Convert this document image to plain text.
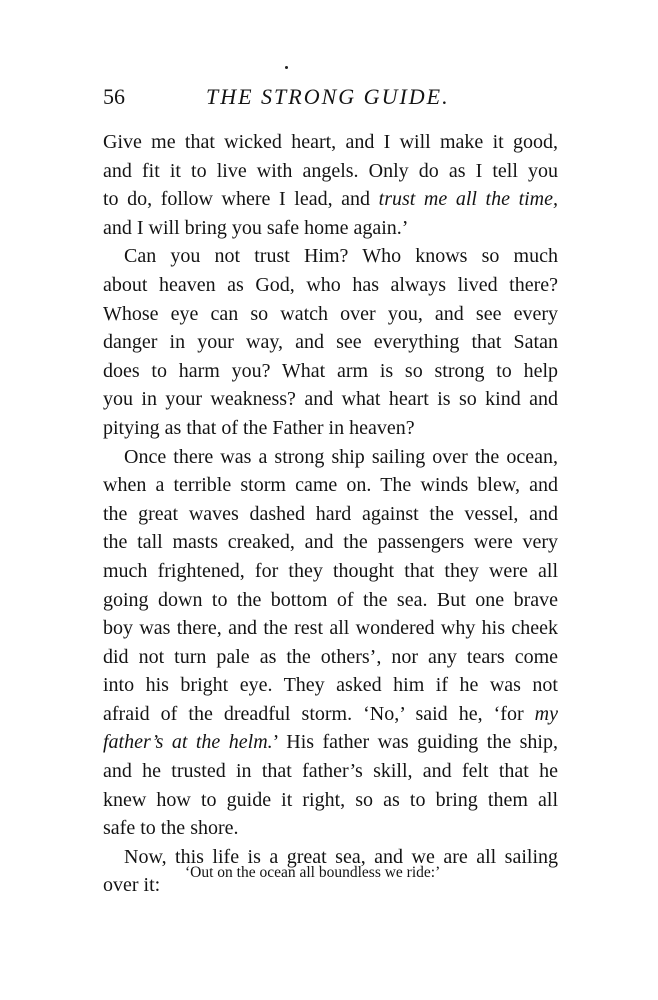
56	THE STRONG GUIDE.
Give me that wicked heart, and I will make it good,
and fit it to live with angels. Only do as I tell you
to do, follow where I lead, and trust me all the time,
and I will bring you safe home again.’
Can you not trust Him? Who knows so much
about heaven as God, who has always lived there?
Whose eye can so watch over you, and see every
danger in your way, and see everything that Satan
does to harm you? What arm is so strong to help
you in your weakness? and what heart is so kind and
pitying as that of the Father in heaven?
Once there was a strong ship sailing over the ocean,
when a terrible storm came on. The winds blew, and
the great waves dashed hard against the vessel, and
the tall masts creaked, and the passengers were very
much frightened, for they thought that they were all
going down to the bottom of the sea. But one brave
boy was there, and the rest all wondered why his cheek
did not turn pale as the others’, nor any tears come
into his bright eye. They asked him if he was not
afraid of the dreadful storm. ‘No,’ said he, ‘for my
father’s at the helm.’ His father was guiding the ship,
and he trusted in that father’s skill, and felt that he
knew how to guide it right, so as to bring them all
safe to the shore.
Now, this life is a great sea, and we are all sailing
over it:
‘Out on the ocean all boundless we ride:’
